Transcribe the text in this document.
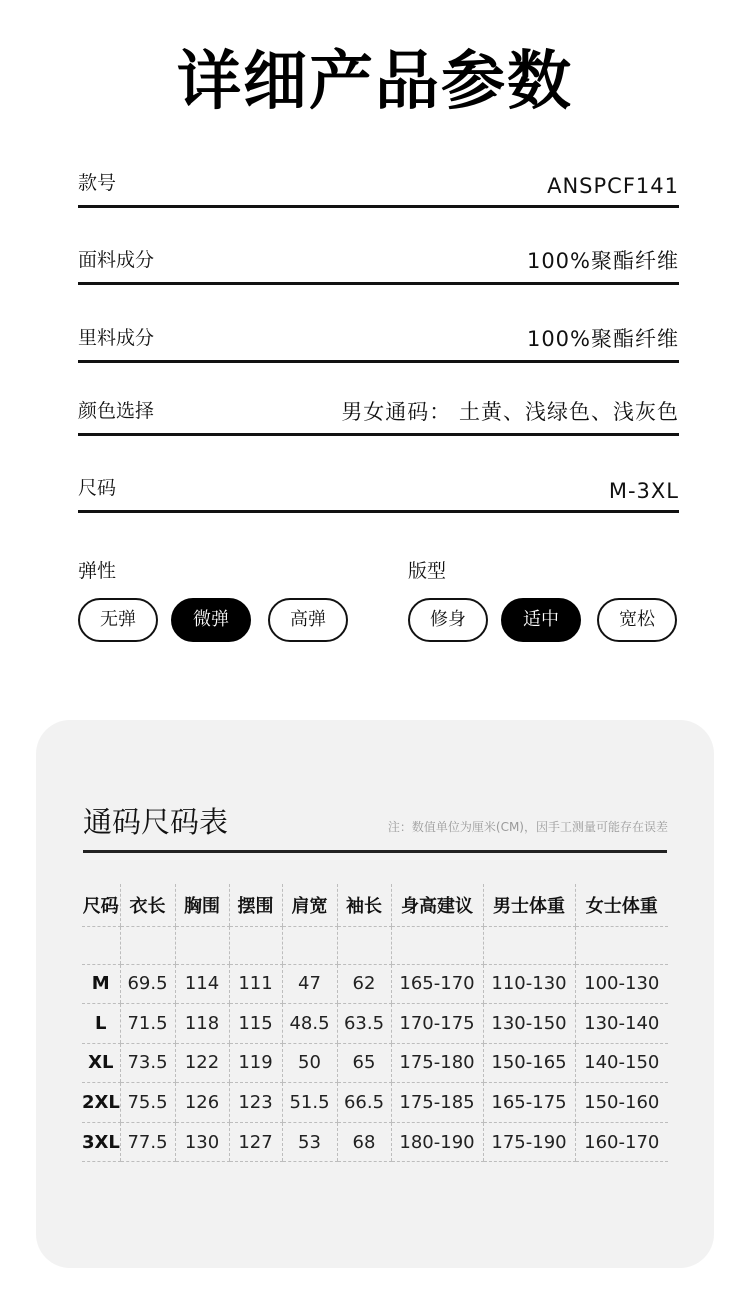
详细产品参数
款号	ANSPCF141
面料成分	100%聚酯纤维
里料成分	100%聚酯纤维
颜色选择	男女通码： 土黄、浅绿色、浅灰色
尺码	M-3XL
弹性	版型
无弹	微弹	高弹	修身	适中	宽松
通码尺码表	注：数值单位为厘米(CM)，因手工测量可能存在误差
尺码	衣长	胸围	摆围	肩宽	袖长	身高建议	男士体重	女士体重

M	69.5	114	111	47	62	165-170	110-130	100-130
L	71.5	118	115	48.5	63.5	170-175	130-150	130-140
XL	73.5	122	119	50	65	175-180	150-165	140-150
2XL	75.5	126	123	51.5	66.5	175-185	165-175	150-160
3XL	77.5	130	127	53	68	180-190	175-190	160-170
